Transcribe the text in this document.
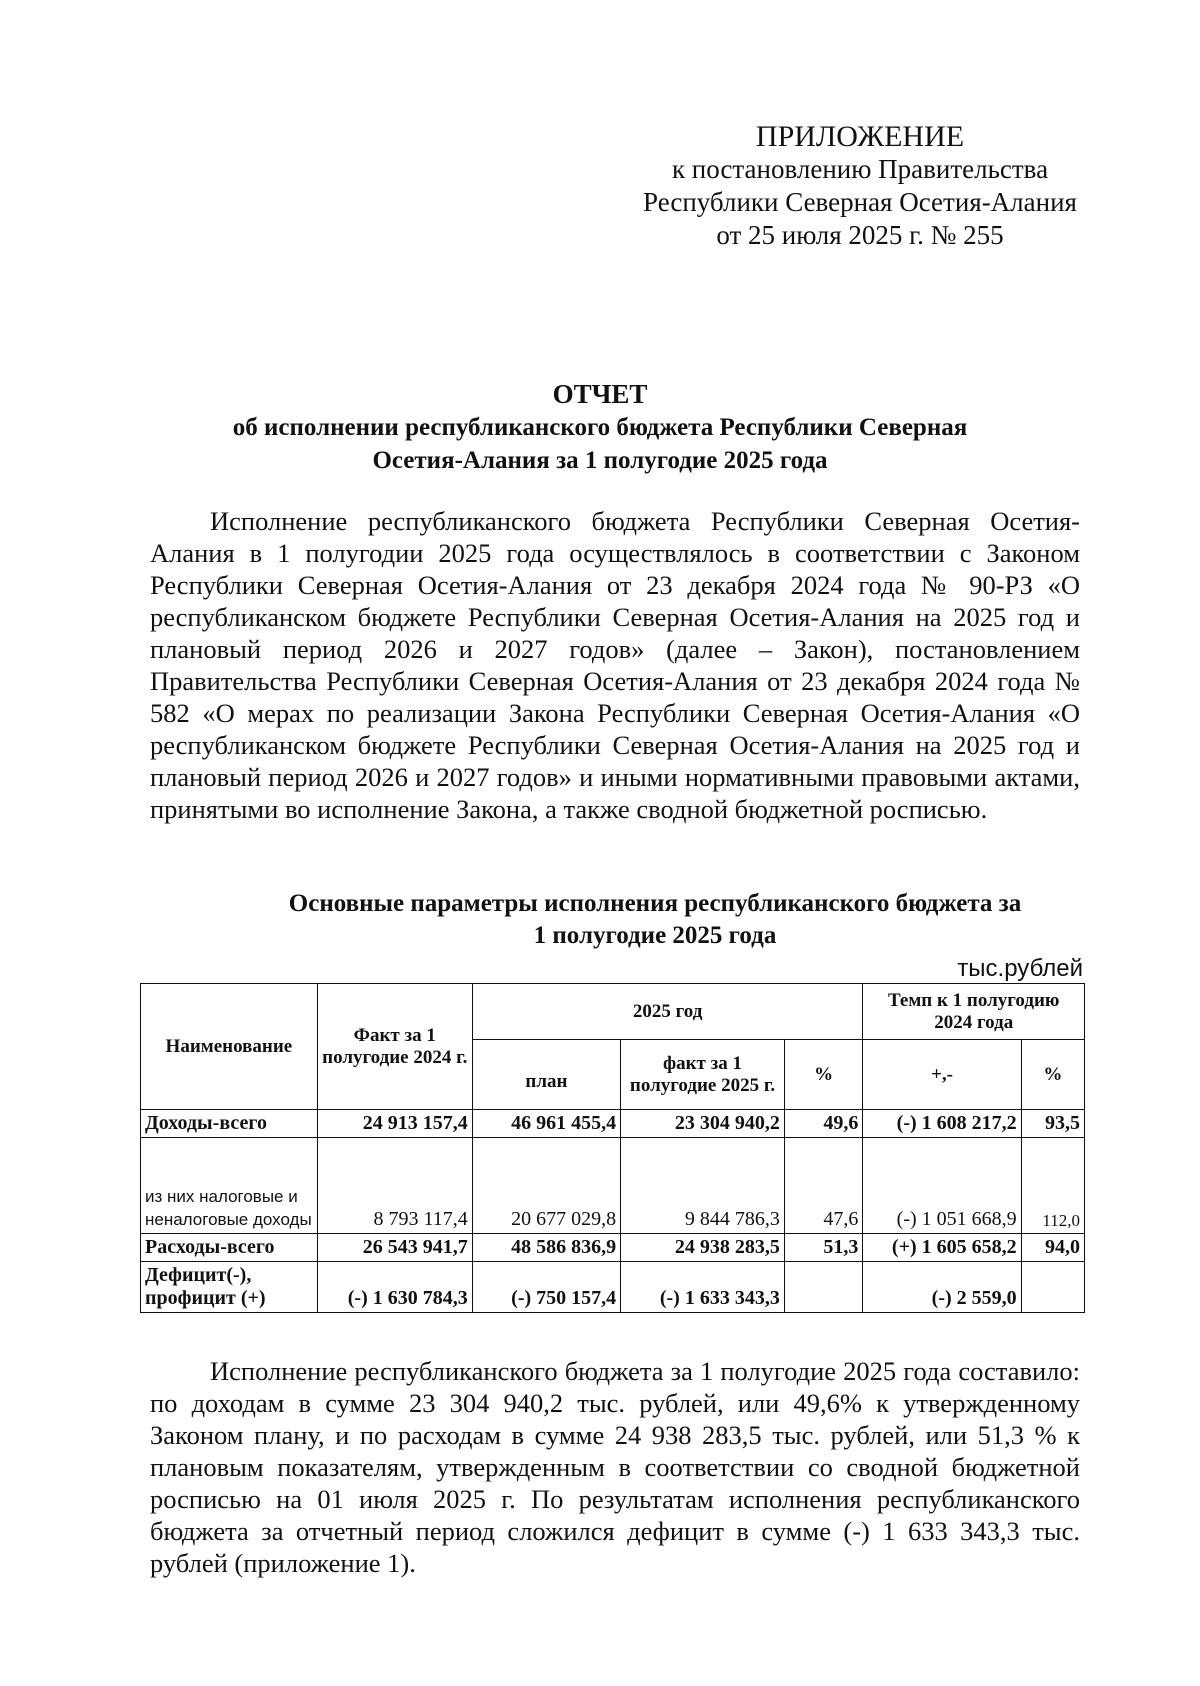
ПРИЛОЖЕНИЕ
к постановлению Правительства
Республики Северная Осетия-Алания
от 25 июля 2025 г. № 255
ОТЧЕТ
об исполнении республиканского бюджета Республики Северная
Осетия-Алания за 1 полугодие 2025 года

Исполнение республиканского бюджета Республики Северная Осетия-Алания в 1 полугодии 2025 года осуществлялось в соответствии с Законом Республики Северная Осетия-Алания от 23 декабря 2024 года № 90-РЗ «О республиканском бюджете Республики Северная Осетия-Алания на 2025 год и плановый период 2026 и 2027 годов» (далее – Закон), постановлением Правительства Республики Северная Осетия-Алания от 23 декабря 2024 года № 582 «О мерах по реализации Закона Республики Северная Осетия-Алания «О республиканском бюджете Республики Северная Осетия-Алания на 2025 год и плановый период 2026 и 2027 годов» и иными нормативными правовыми актами, принятыми во исполнение Закона, а также сводной бюджетной росписью.

Основные параметры исполнения республиканского бюджета за
1 полугодие 2025 года
тыс.рублей
Наименование	Факт за 1 полугодие 2024 г.	2025 год			Темп к 1 полугодию 2024 года	
		план	факт за 1 полугодие 2025 г.	%	+,-	%
Доходы-всего	24 913 157,4	46 961 455,4	23 304 940,2	49,6	(-) 1 608 217,2	93,5
из них налоговые и неналоговые доходы	8 793 117,4	20 677 029,8	9 844 786,3	47,6	(-) 1 051 668,9	112,0
Расходы-всего	26 543 941,7	48 586 836,9	24 938 283,5	51,3	(+) 1 605 658,2	94,0
Дефицит(-), профицит (+)	(-) 1 630 784,3	(-) 750 157,4	(-) 1 633 343,3		(-) 2 559,0	

Исполнение республиканского бюджета за 1 полугодие 2025 года составило: по доходам в сумме 23 304 940,2 тыс. рублей, или 49,6% к утвержденному Законом плану, и по расходам в сумме 24 938 283,5 тыс. рублей, или 51,3 % к плановым показателям, утвержденным в соответствии со сводной бюджетной росписью на 01 июля 2025 г. По результатам исполнения республиканского бюджета за отчетный период сложился дефицит в сумме (-) 1 633 343,3 тыс. рублей (приложение 1).
